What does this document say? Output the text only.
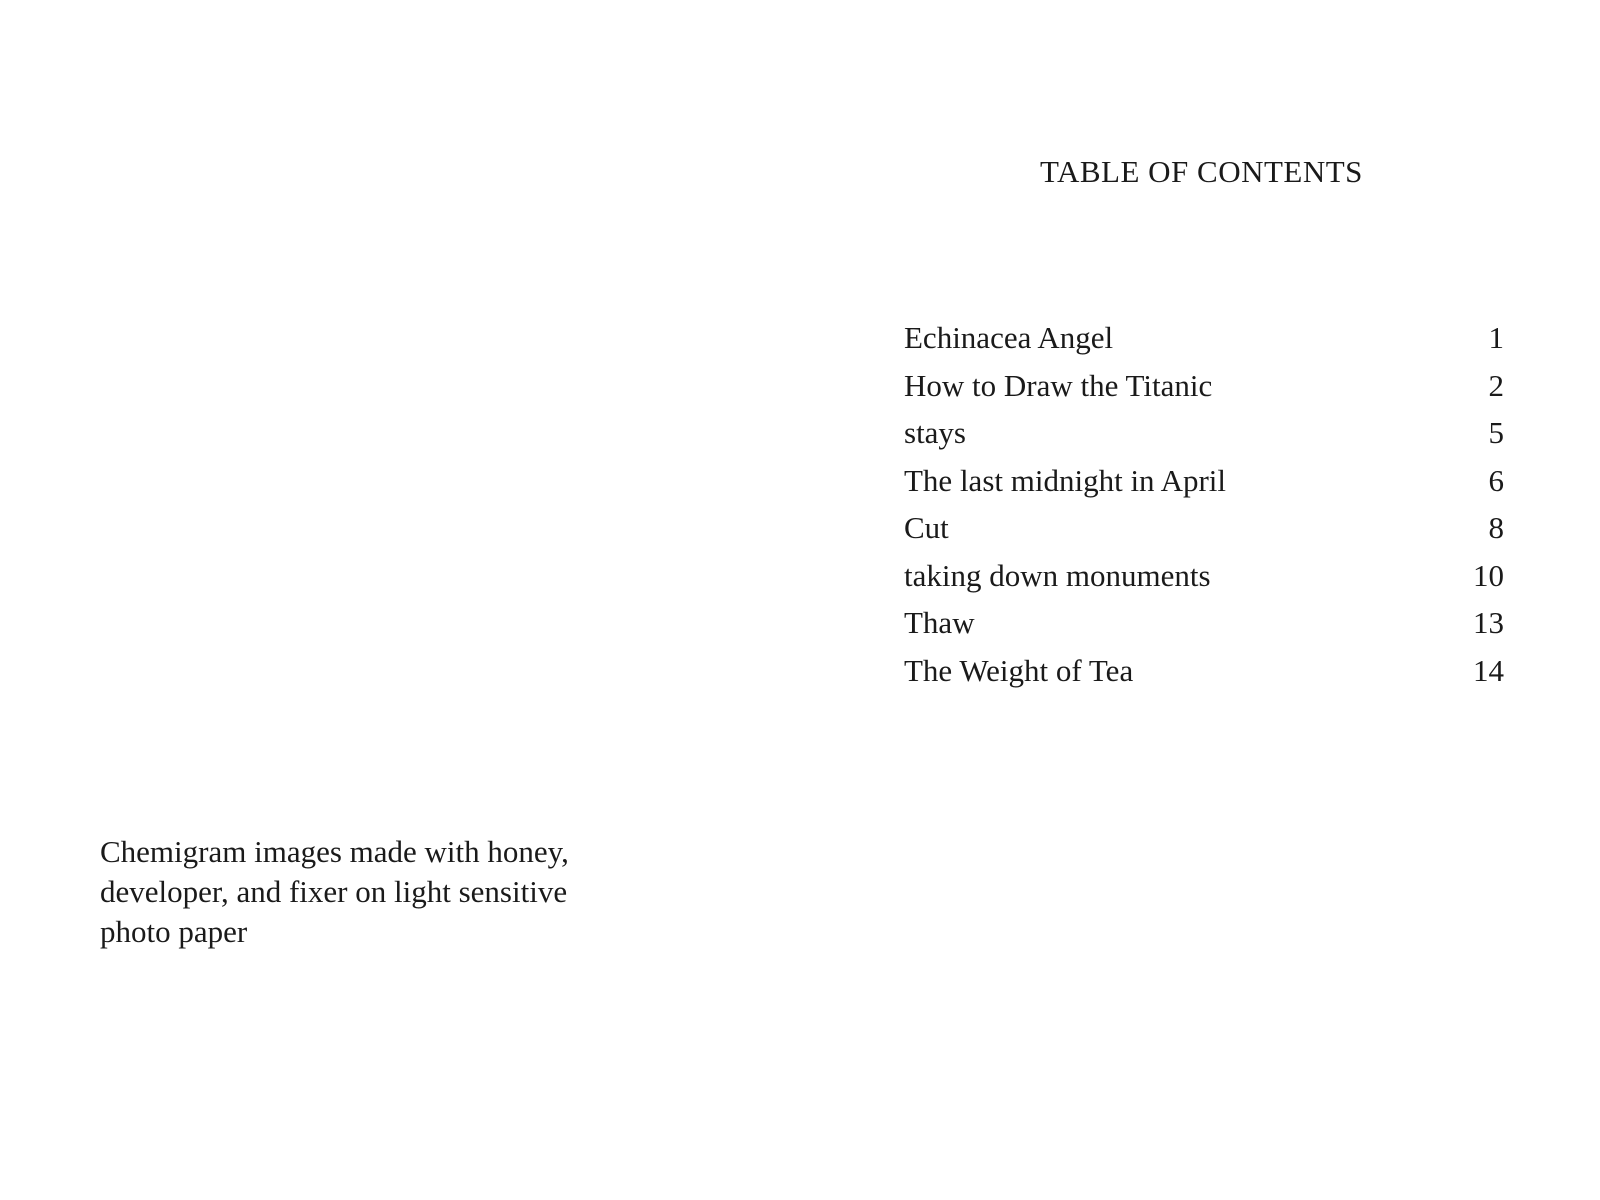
Chemigram images made with honey,
developer, and fixer on light sensitive
photo paper

TABLE OF CONTENTS
Echinacea Angel	1
How to Draw the Titanic	2
stays	5
The last midnight in April	6
Cut	8
taking down monuments	10
Thaw	13
The Weight of Tea	14
